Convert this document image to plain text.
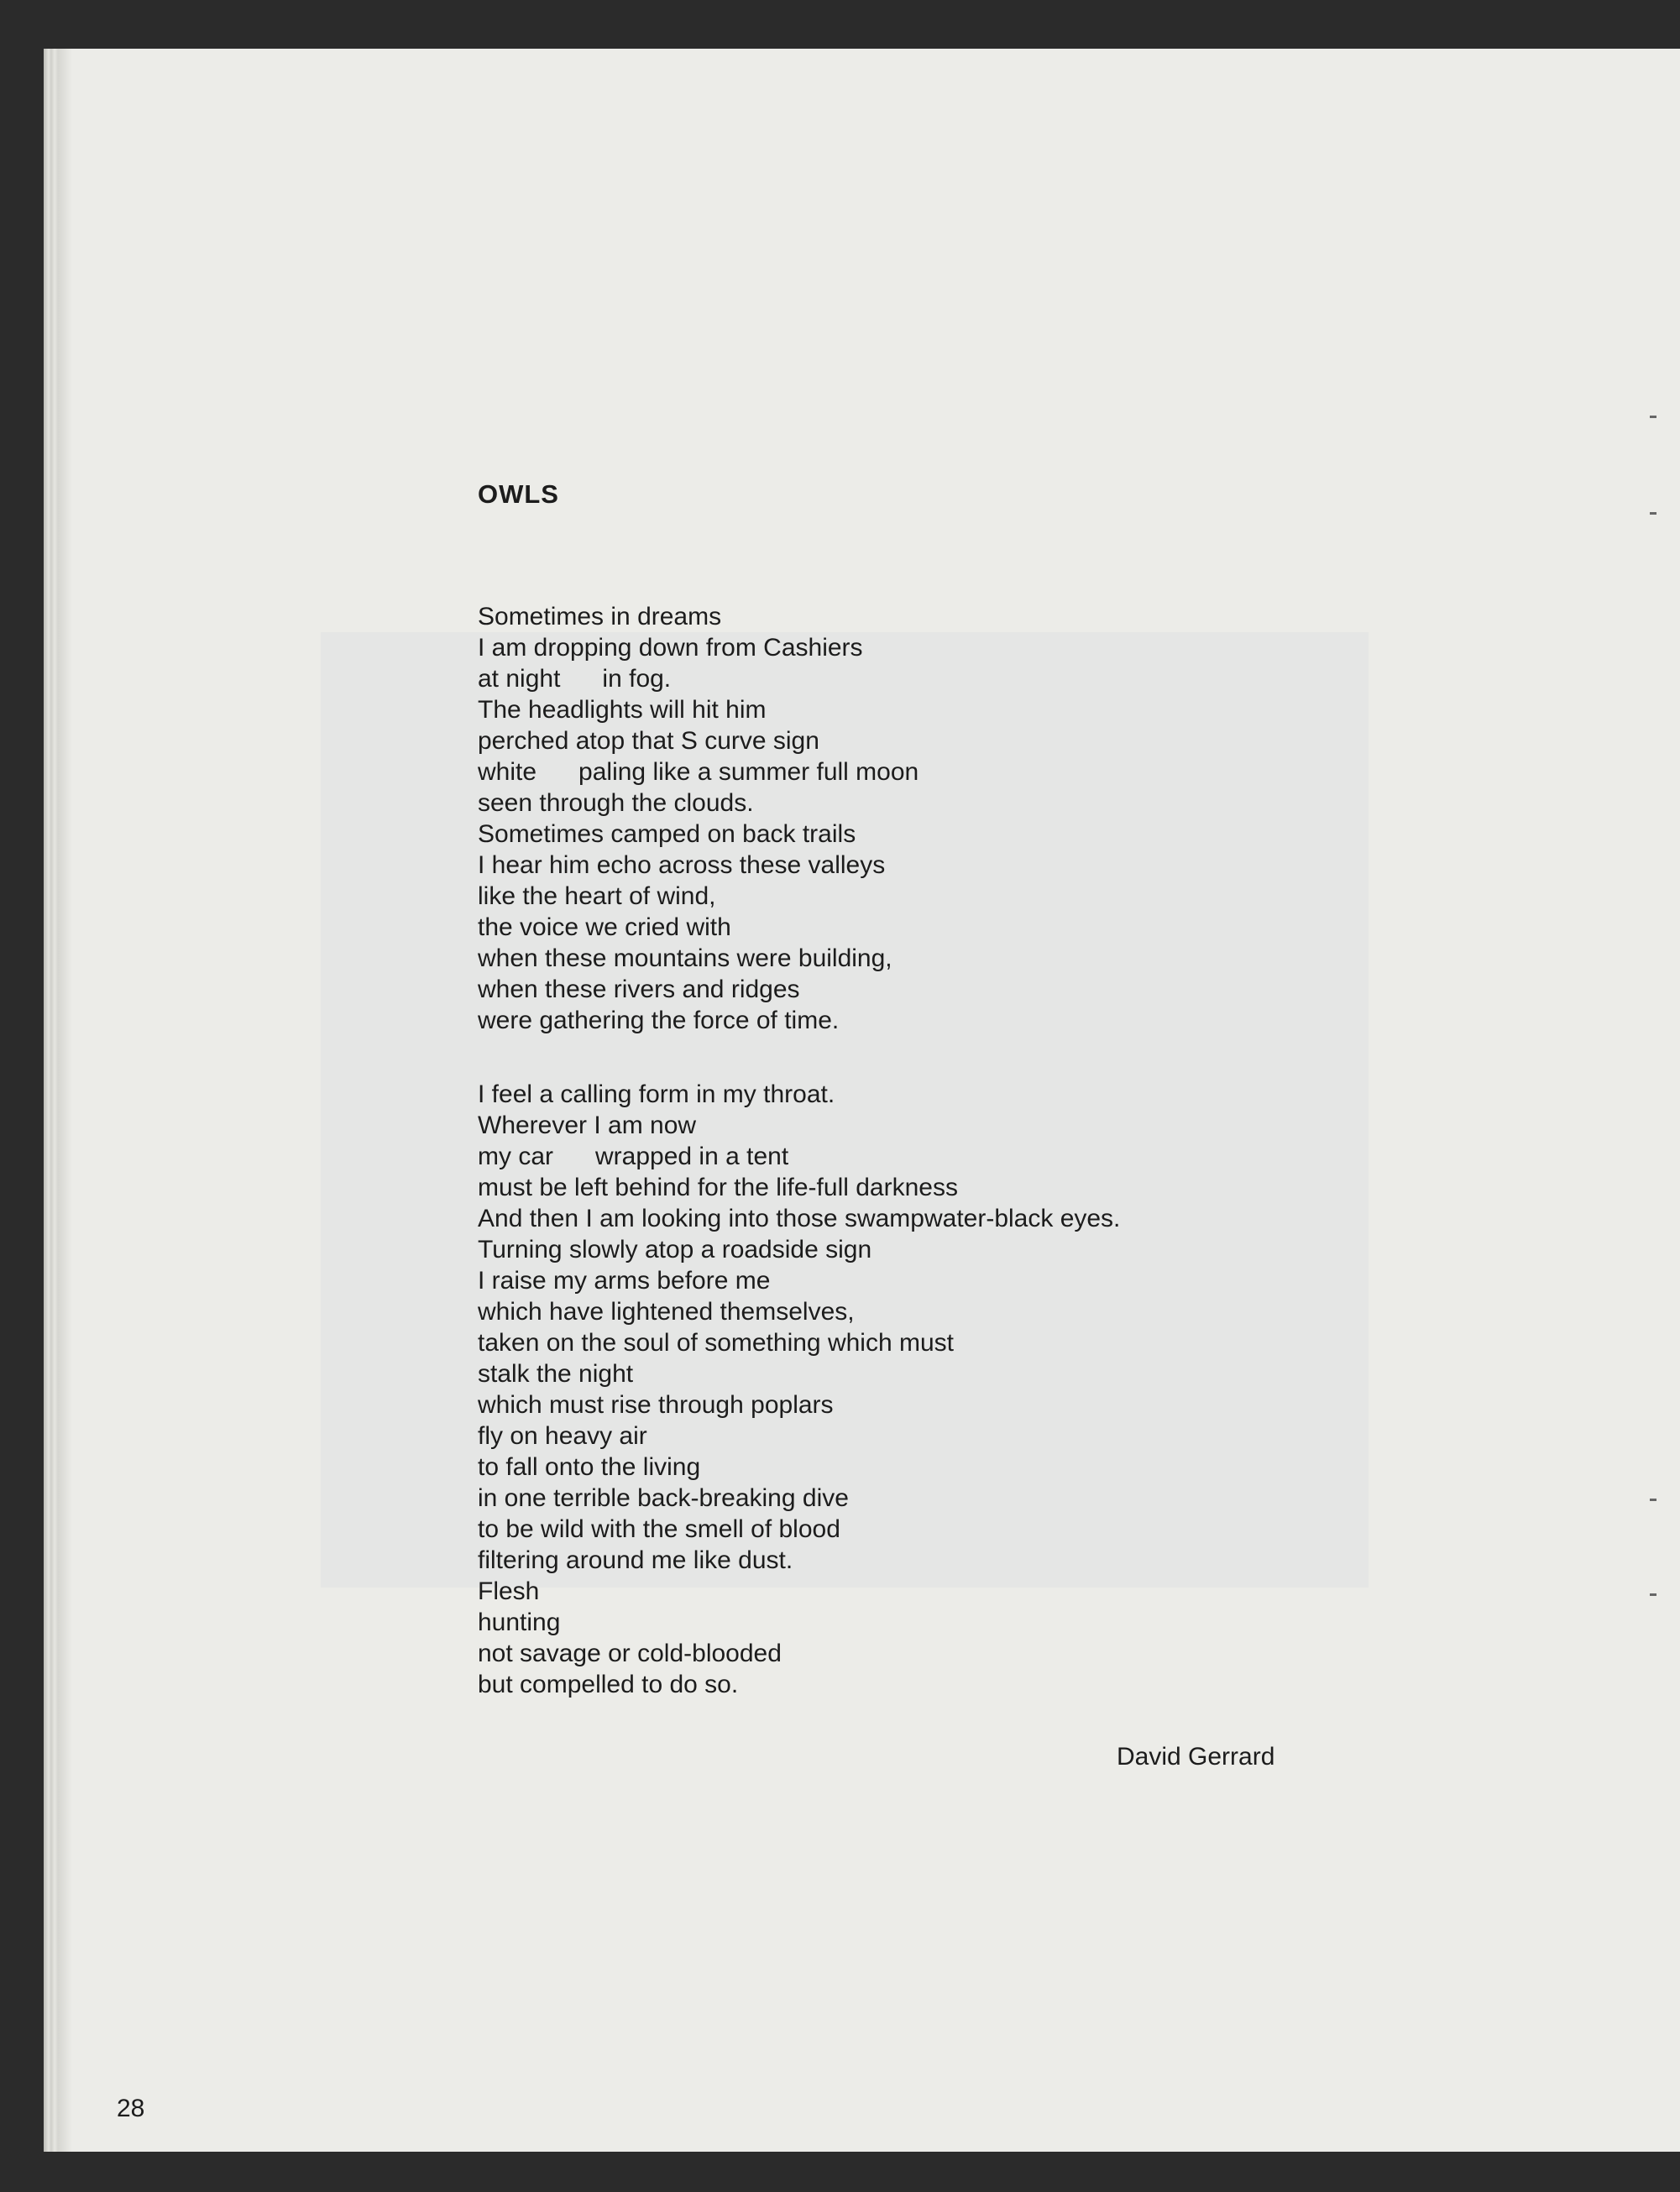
OWLS
Sometimes in dreams
I am dropping down from Cashiers
at night      in fog.
The headlights will hit him
perched atop that S curve sign
white      paling like a summer full moon
seen through the clouds.
Sometimes camped on back trails
I hear him echo across these valleys
like the heart of wind,
the voice we cried with
when these mountains were building,
when these rivers and ridges
were gathering the force of time.
I feel a calling form in my throat.
Wherever I am now
my car      wrapped in a tent
must be left behind for the life-full darkness
And then I am looking into those swampwater-black eyes.
Turning slowly atop a roadside sign
I raise my arms before me
which have lightened themselves,
taken on the soul of something which must
stalk the night
which must rise through poplars
fly on heavy air
to fall onto the living
in one terrible back-breaking dive
to be wild with the smell of blood
filtering around me like dust.
Flesh
hunting
not savage or cold-blooded
but compelled to do so.
David Gerrard
28
